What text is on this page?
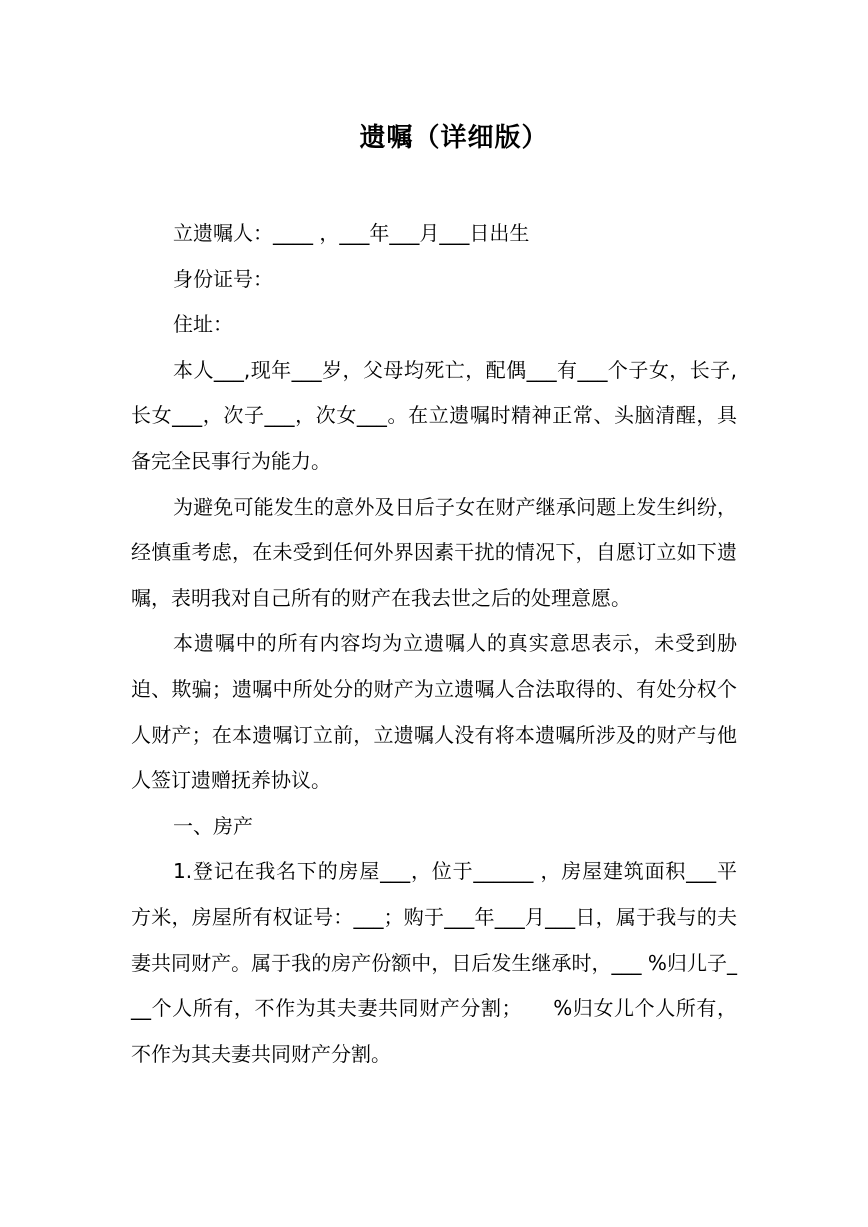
遗嘱（详细版）

立遗嘱人：____ ，___年___月___日出生

身份证号：

住址：

本人___,现年___岁，父母均死亡，配偶___有___个子女，长子,长女___，次子___，次女___。在立遗嘱时精神正常、头脑清醒，具备完全民事行为能力。

为避免可能发生的意外及日后子女在财产继承问题上发生纠纷，经慎重考虑，在未受到任何外界因素干扰的情况下，自愿订立如下遗嘱，表明我对自己所有的财产在我去世之后的处理意愿。

本遗嘱中的所有内容均为立遗嘱人的真实意思表示，未受到胁迫、欺骗；遗嘱中所处分的财产为立遗嘱人合法取得的、有处分权个人财产；在本遗嘱订立前，立遗嘱人没有将本遗嘱所涉及的财产与他人签订遗赠抚养协议。

一、房产

1.登记在我名下的房屋___，位于______ ，房屋建筑面积___平方米，房屋所有权证号：___；购于___年___月___日，属于我与的夫妻共同财产。属于我的房产份额中，日后发生继承时，___ %归儿子___个人所有，不作为其夫妻共同财产分割；　　%归女儿个人所有，不作为其夫妻共同财产分割。
